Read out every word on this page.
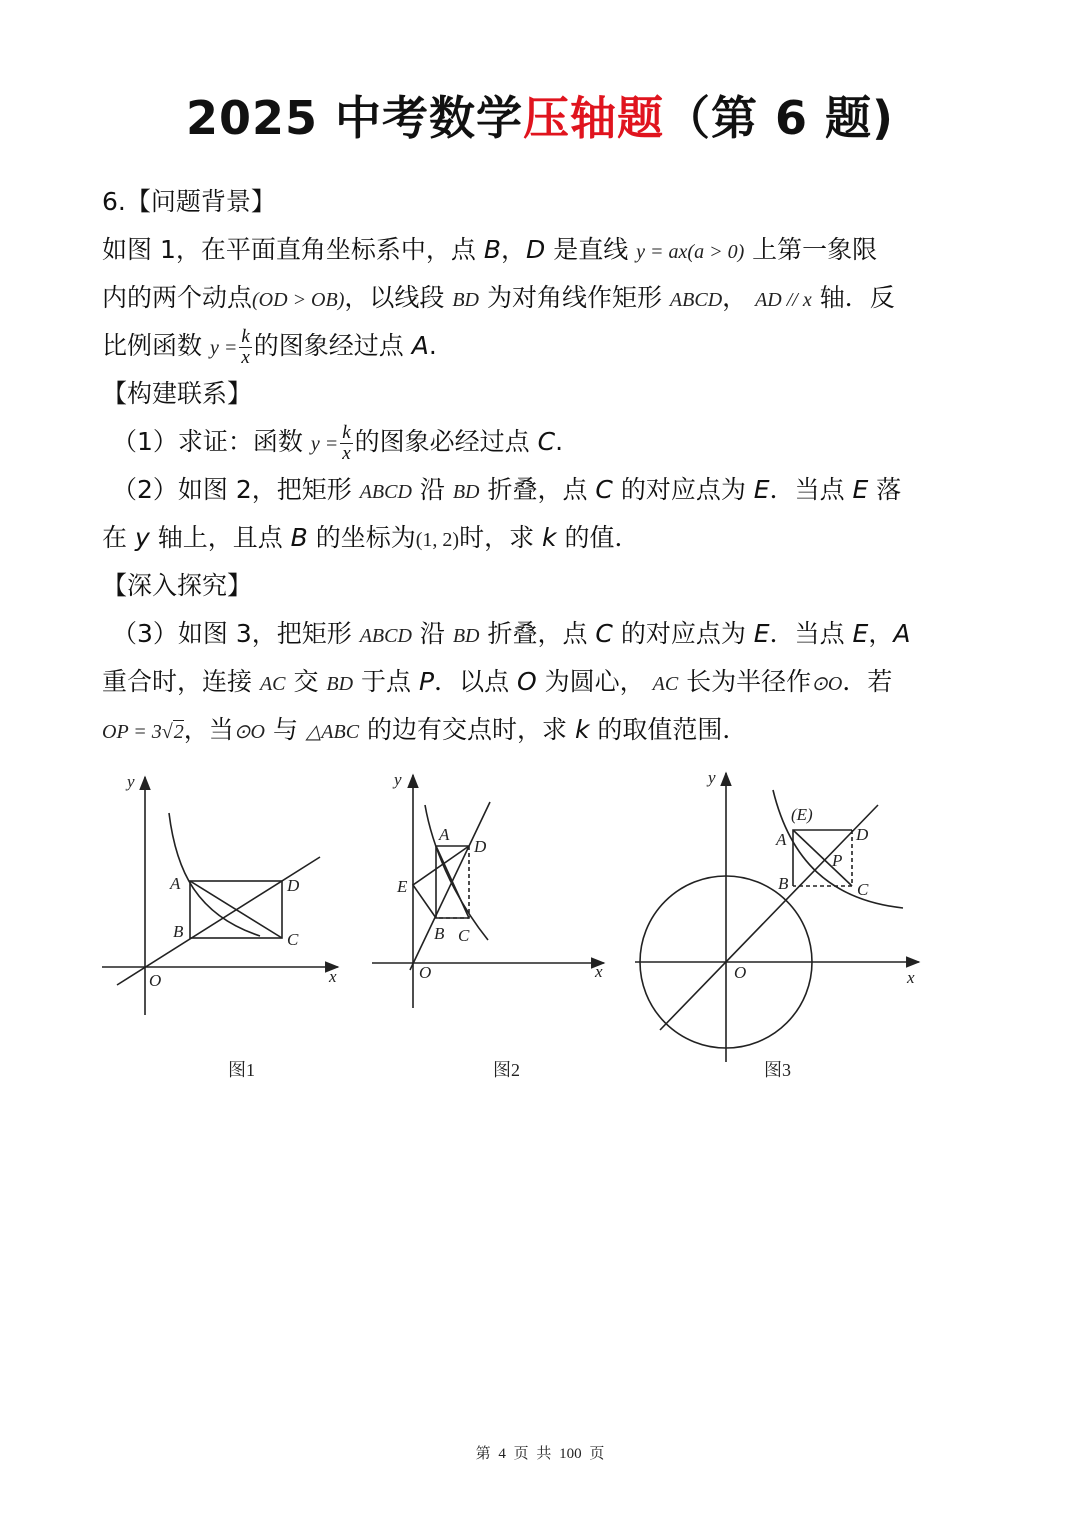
2025 中考数学压轴题（第 6 题)
6.【问题背景】
如图 1，在平面直角坐标系中，点 B，D 是直线 y = ax(a > 0) 上第一象限
内的两个动点(OD > OB)，以线段 BD 为对角线作矩形 ABCD， AD // x 轴．反
比例函数 $y = \frac{k}{x}$ 的图象经过点 A.
【构建联系】
（1）求证：函数 $y = \frac{k}{x}$ 的图象必经过点 C.
（2）如图 2，把矩形 ABCD 沿 BD 折叠，点 C 的对应点为 E．当点 E 落
在 y 轴上，且点 B 的坐标为(1, 2)时，求 k 的值．
【深入探究】
（3）如图 3，把矩形 ABCD 沿 BD 折叠，点 C 的对应点为 E．当点 E，A
重合时，连接 AC 交 BD 于点 P．以点 O 为圆心， AC 长为半径作⊙O．若
OP = 3√2，当⊙O 与 △ABC 的边有交点时，求 k 的取值范围．
y
x
O
A
B	C
D
图1
y
x
O
A
B C
D
E
图2
y
x
O
A
(E)
B	C
D
P
图3
第 4 页 共 100 页
